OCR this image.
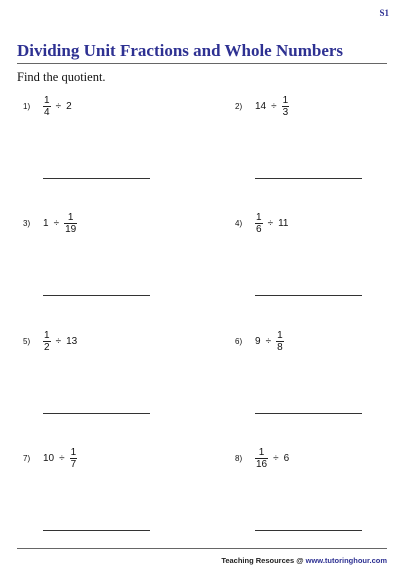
S1
Dividing Unit Fractions and Whole Numbers
Find the quotient.
$1) \frac{1}{4} \div 2$	2) $14 \div \frac{1}{3}$
3) $1 \div \frac{1}{19}$	$4) \frac{1}{6} \div 11$
$5) \frac{1}{2} \div 13$	6) $9 \div \frac{1}{8}$
7) $10 \div \frac{1}{7}$	$8) \frac{1}{16} \div 6$
Teaching Resources @ www.tutoringhour.com
